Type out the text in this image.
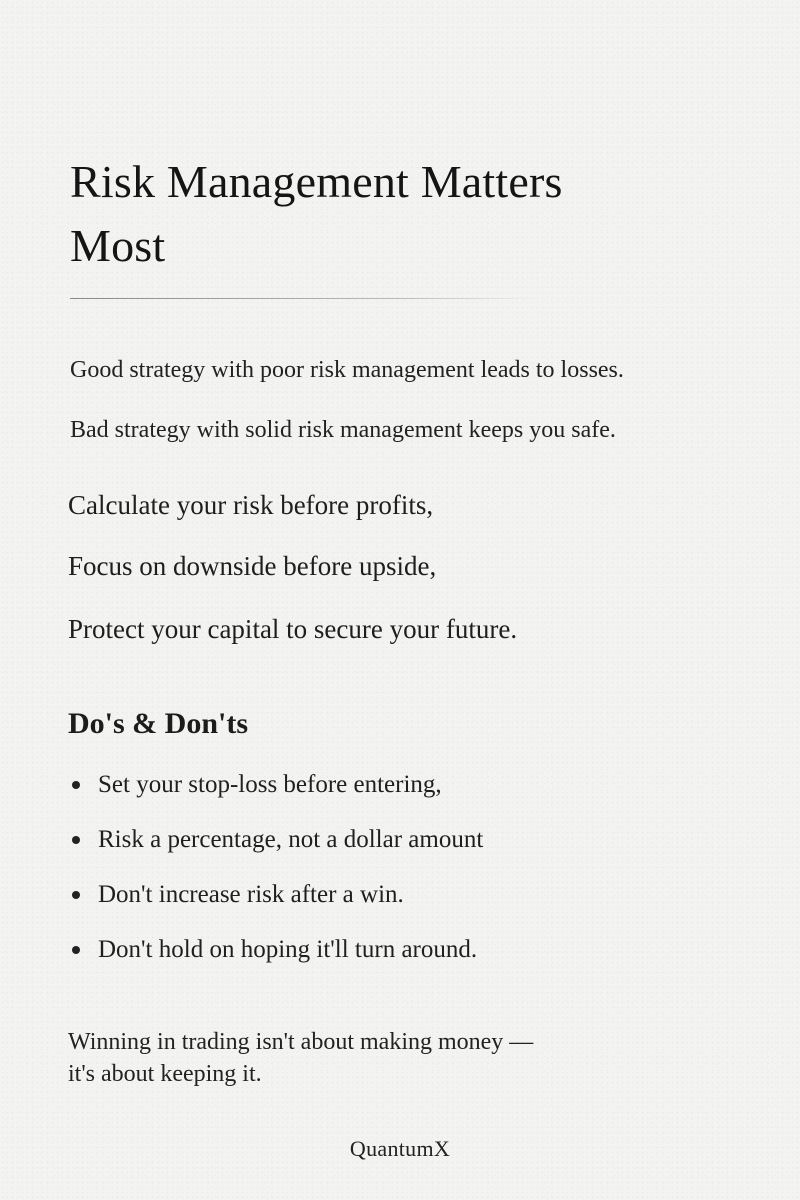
Risk Management Matters
Most

Good strategy with poor risk management leads to losses.

Bad strategy with solid risk management keeps you safe.

Calculate your risk before profits,

Focus on downside before upside,

Protect your capital to secure your future.

Do's & Don'ts
Set your stop-loss before entering,
Risk a percentage, not a dollar amount
Don't increase risk after a win.
Don't hold on hoping it'll turn around.

Winning in trading isn't about making money —
it's about keeping it.

QuantumX
